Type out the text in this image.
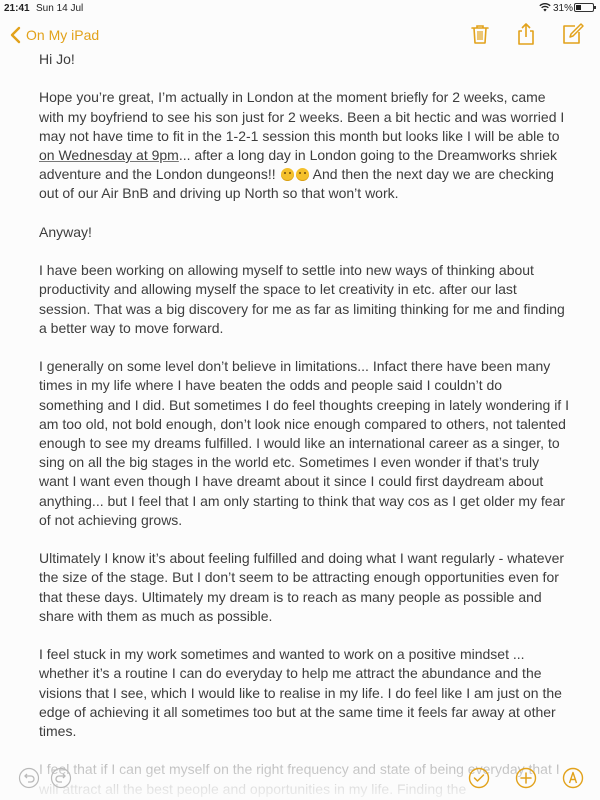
21:41 Sun 14 Jul	31%
On My iPad

Hi Jo!

Hope you’re great, I’m actually in London at the moment briefly for 2 weeks, came with my boyfriend to see his son just for 2 weeks. Been a bit hectic and was worried I may not have time to fit in the 1-2-1 session this month but looks like I will be able to on Wednesday at 9pm... after a long day in London going to the Dreamworks shriek adventure and the London dungeons!!  And then the next day we are checking out of our Air BnB and driving up North so that won’t work.

Anyway!

I have been working on allowing myself to settle into new ways of thinking about productivity and allowing myself the space to let creativity in etc. after our last session. That was a big discovery for me as far as limiting thinking for me and finding a better way to move forward.

I generally on some level don’t believe in limitations... Infact there have been many times in my life where I have beaten the odds and people said I couldn’t do something and I did. But sometimes I do feel thoughts creeping in lately wondering if I am too old, not bold enough, don’t look nice enough compared to others, not talented enough to see my dreams fulfilled. I would like an international career as a singer, to sing on all the big stages in the world etc. Sometimes I even wonder if that’s truly want I want even though I have dreamt about it since I could first daydream about anything... but I feel that I am only starting to think that way cos as I get older my fear of not achieving grows.

Ultimately I know it’s about feeling fulfilled and doing what I want regularly - whatever the size of the stage. But I don’t seem to be attracting enough opportunities even for that these days. Ultimately my dream is to reach as many people as possible and share with them as much as possible.

I feel stuck in my work sometimes and wanted to work on a positive mindset ... whether it’s a routine I can do everyday to help me attract the abundance and the visions that I see, which I would like to realise in my life. I do feel like I am just on the edge of achieving it all sometimes too but at the same time it feels far away at other times.
